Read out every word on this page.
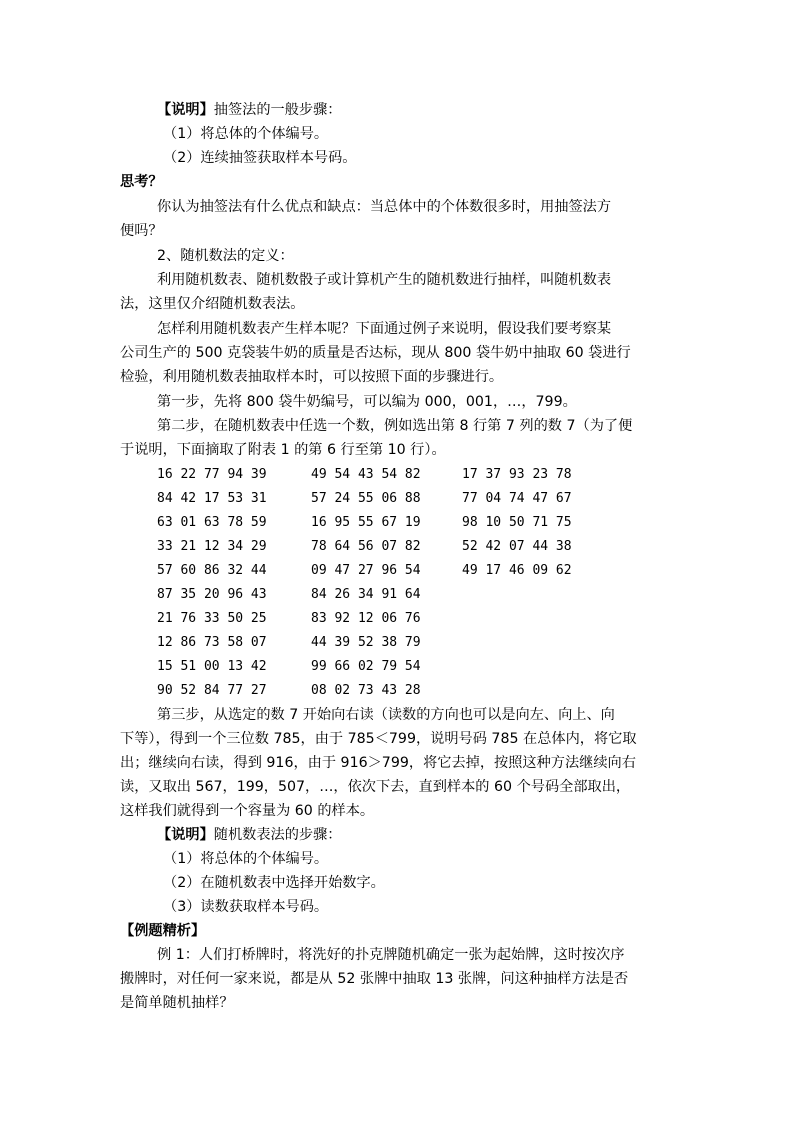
【说明】抽签法的一般步骤：
（1）将总体的个体编号。
（2）连续抽签获取样本号码。
思考？
你认为抽签法有什么优点和缺点：当总体中的个体数很多时，用抽签法方
便吗？
2、随机数法的定义：
利用随机数表、随机数骰子或计算机产生的随机数进行抽样，叫随机数表
法，这里仅介绍随机数表法。
怎样利用随机数表产生样本呢？下面通过例子来说明，假设我们要考察某
公司生产的 500 克袋装牛奶的质量是否达标，现从 800 袋牛奶中抽取 60 袋进行
检验，利用随机数表抽取样本时，可以按照下面的步骤进行。
第一步，先将 800 袋牛奶编号，可以编为 000，001，…，799。
第二步，在随机数表中任选一个数，例如选出第 8 行第 7 列的数 7（为了便
于说明，下面摘取了附表 1 的第 6 行至第 10 行）。
16 22 77 94 39	49 54 43 54 82	17 37 93 23 78
84 42 17 53 31	57 24 55 06 88	77 04 74 47 67
63 01 63 78 59	16 95 55 67 19	98 10 50 71 75
33 21 12 34 29	78 64 56 07 82	52 42 07 44 38
57 60 86 32 44	09 47 27 96 54	49 17 46 09 62
87 35 20 96 43	84 26 34 91 64
21 76 33 50 25	83 92 12 06 76
12 86 73 58 07	44 39 52 38 79
15 51 00 13 42	99 66 02 79 54
90 52 84 77 27	08 02 73 43 28
第三步，从选定的数 7 开始向右读（读数的方向也可以是向左、向上、向
下等），得到一个三位数 785，由于 785＜799，说明号码 785 在总体内，将它取
出；继续向右读，得到 916，由于 916＞799，将它去掉，按照这种方法继续向右
读，又取出 567，199，507，…，依次下去，直到样本的 60 个号码全部取出，
这样我们就得到一个容量为 60 的样本。
【说明】随机数表法的步骤：
（1）将总体的个体编号。
（2）在随机数表中选择开始数字。
（3）读数获取样本号码。
【例题精析】
例 1：人们打桥牌时，将洗好的扑克牌随机确定一张为起始牌，这时按次序
搬牌时，对任何一家来说，都是从 52 张牌中抽取 13 张牌，问这种抽样方法是否
是简单随机抽样？
